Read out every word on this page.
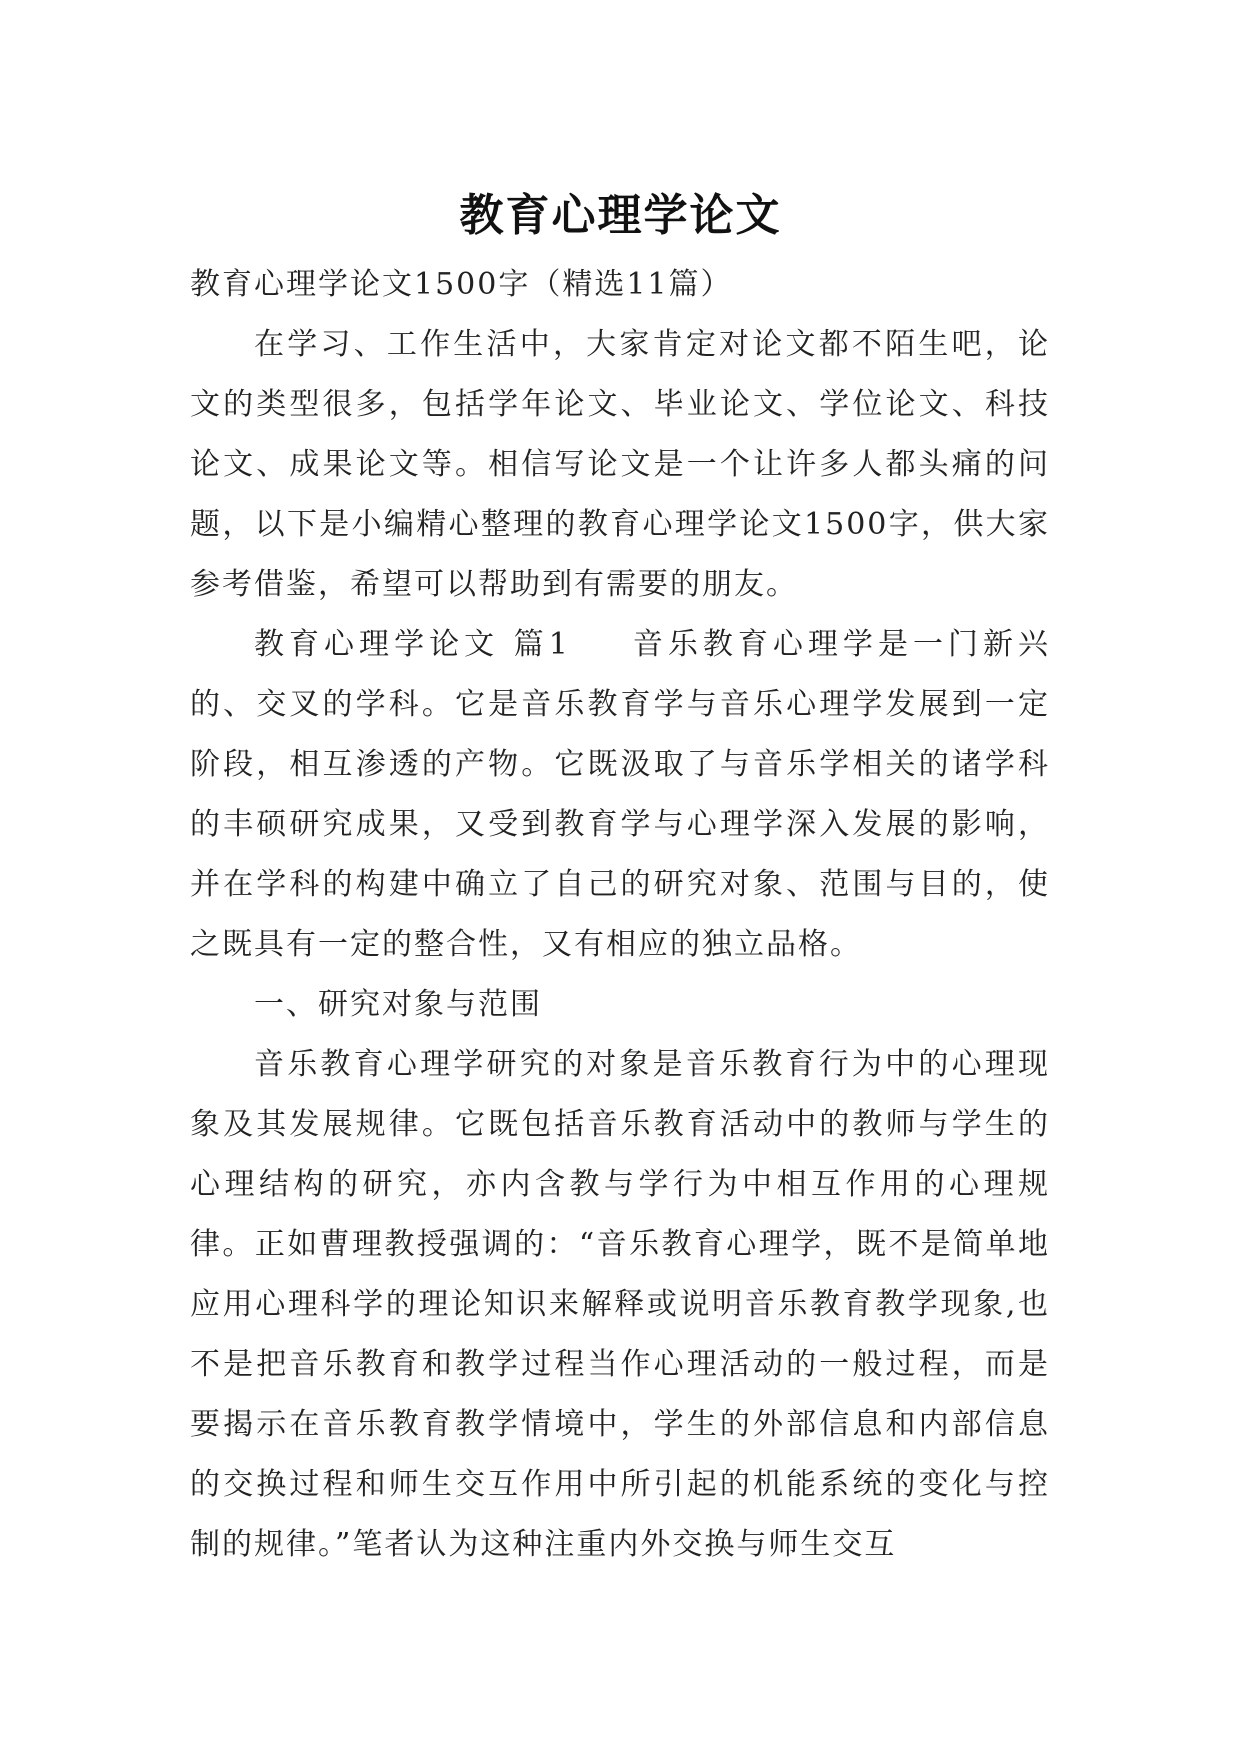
教育心理学论文

教育心理学论文1500字（精选11篇）

在学习、工作生活中，大家肯定对论文都不陌生吧，论文的类型很多，包括学年论文、毕业论文、学位论文、科技论文、成果论文等。相信写论文是一个让许多人都头痛的问题，以下是小编精心整理的教育心理学论文1500字，供大家参考借鉴，希望可以帮助到有需要的朋友。

教育心理学论文 篇1 音乐教育心理学是一门新兴的、交叉的学科。它是音乐教育学与音乐心理学发展到一定阶段，相互渗透的产物。它既汲取了与音乐学相关的诸学科的丰硕研究成果，又受到教育学与心理学深入发展的影响，并在学科的构建中确立了自己的研究对象、范围与目的，使之既具有一定的整合性，又有相应的独立品格。

一、研究对象与范围

音乐教育心理学研究的对象是音乐教育行为中的心理现象及其发展规律。它既包括音乐教育活动中的教师与学生的心理结构的研究，亦内含教与学行为中相互作用的心理规律。正如曹理教授强调的：“音乐教育心理学，既不是简单地应用心理科学的理论知识来解释或说明音乐教育教学现象,也不是把音乐教育和教学过程当作心理活动的一般过程，而是要揭示在音乐教育教学情境中，学生的外部信息和内部信息的交换过程和师生交互作用中所引起的机能系统的变化与控制的规律。”笔者认为这种注重内外交换与师生交互
